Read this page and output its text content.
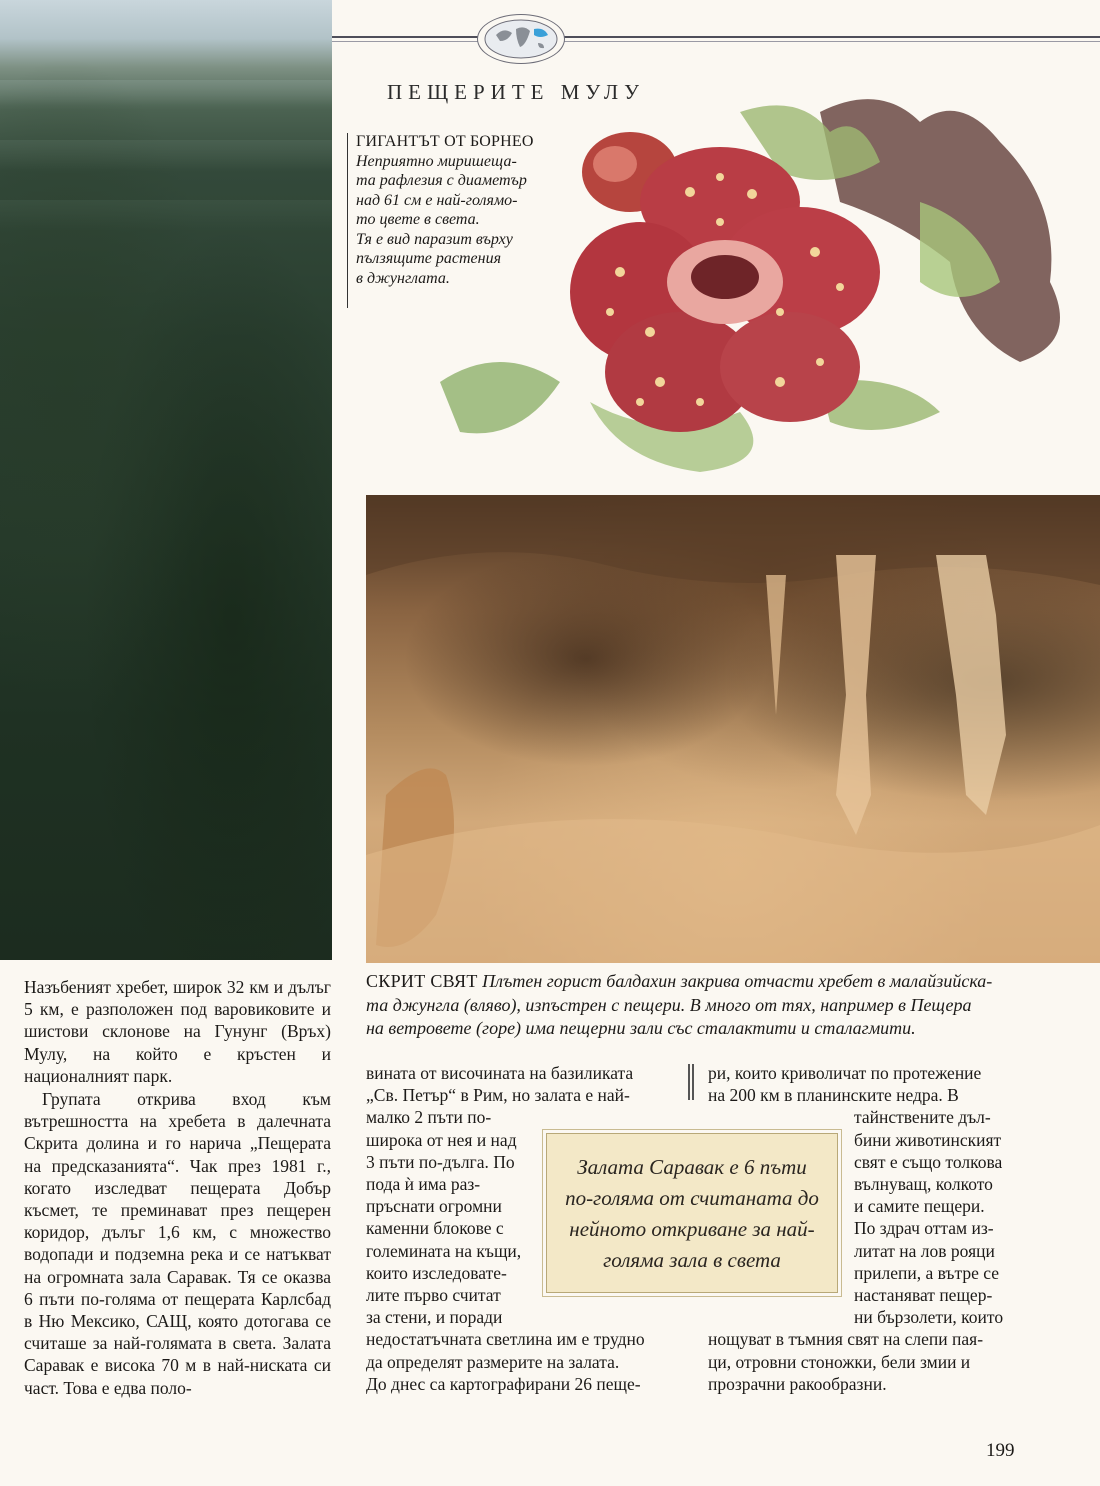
ПЕЩЕРИТЕ МУЛУ
ГИГАНТЪТ ОТ БОРНЕО
Неприятно миришеща-
та рафлезия с диаметър
над 61 см е най-голямо-
то цвете в света.
Тя е вид паразит върху
пълзящите растения
в джунглата.
СКРИТ СВЯТ Плътен горист балдахин закрива отчасти хребет в малайзийска-
та джунгла (вляво), изпъстрен с пещери. В много от тях, например в Пещера
на ветровете (горе) има пещерни зали със сталактити и сталагмити.

Назъбеният хребет, широк 32 км и дълъг 5 км, е разположен под варовиковите и шистови склонове на Гунунг (Връх) Мулу, на който е кръстен и националният парк.

Групата открива вход към вътрешността на хребета в далечната Скрита долина и го нарича „Пещерата на предсказанията“. Чак през 1981 г., когато изследват пещерата Добър късмет, те преминават през пещерен коридор, дълъг 1,6 км, с множество водопади и подземна река и се натъкват на огромната зала Саравак. Тя се оказва 6 пъти по-голяма от пещерата Карлсбад в Ню Мексико, САЩ, която дотогава се считаше за най-голямата в света. Залата Саравак е висока 70 м в най-ниската си част. Това е едва поло-

вината от височината на базиликата
„Св. Петър“ в Рим, но залата е най-
малко 2 пъти по-
широка от нея и над
3 пъти по-дълга. По
пода ѝ има раз-
пръснати огромни
каменни блокове с
големината на къщи,
които изследовате-
лите първо считат
за стени, и поради
недостатъчната светлина им е трудно
да определят размерите на залата.
До днес са картографирани 26 пеще-
ри, които криволичат по протежение
на 200 км в планинските недра. В
тайнствените дъл-
бини животинският
свят е също толкова
вълнуващ, колкото
и самите пещери.
По здрач оттам из-
литат на лов рояци
прилепи, а вътре се
настаняват пещер-
ни бързолети, които
нощуват в тъмния свят на слепи пая-
ци, отровни стоножки, бели змии и
прозрачни ракообразни.
Залата Саравак е 6 пъти по-голяма от считаната до нейното откриване за най-голяма зала в света
199
